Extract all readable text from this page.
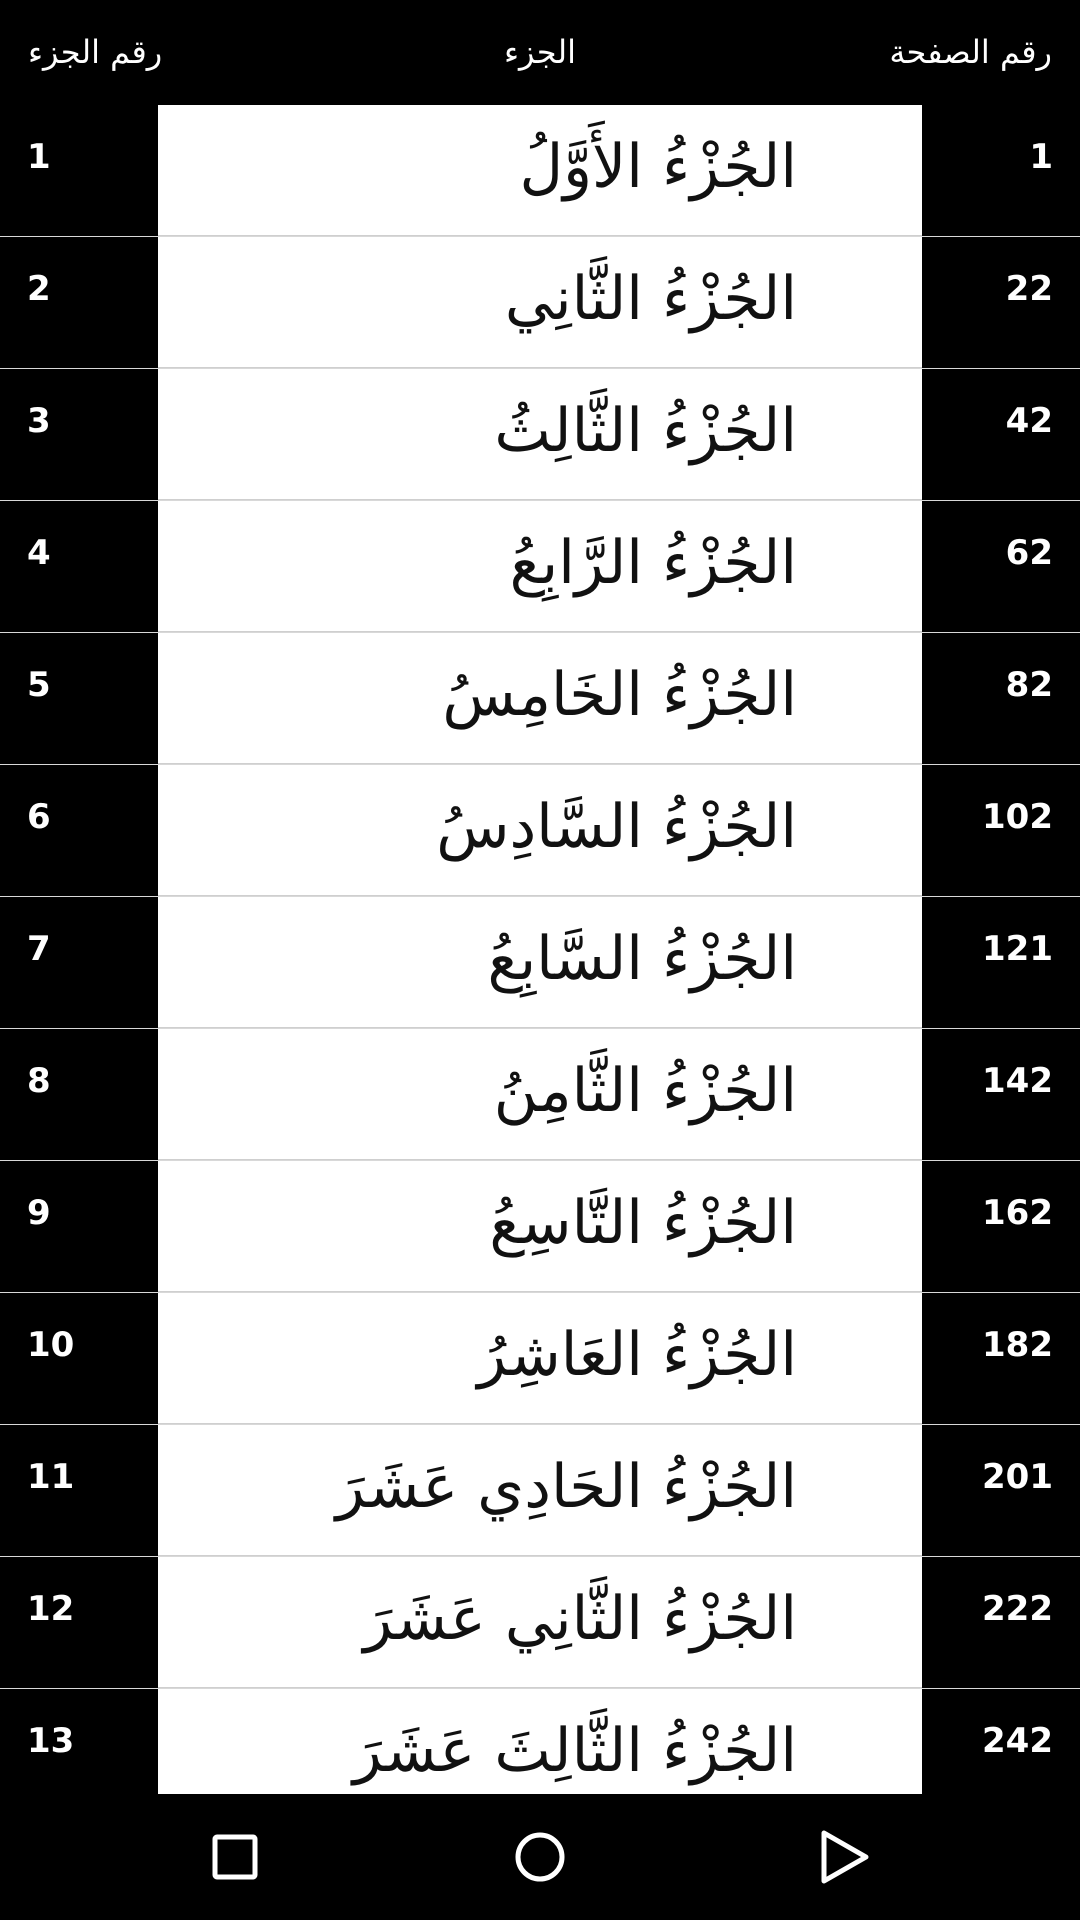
رقم الجزء	الجزء	رقم الصفحة
1	الجُزْءُ الأَوَّلُ	1
2	الجُزْءُ الثَّانِي	22
3	الجُزْءُ الثَّالِثُ	42
4	الجُزْءُ الرَّابِعُ	62
5	الجُزْءُ الخَامِسُ	82
6	الجُزْءُ السَّادِسُ	102
7	الجُزْءُ السَّابِعُ	121
8	الجُزْءُ الثَّامِنُ	142
9	الجُزْءُ التَّاسِعُ	162
10	الجُزْءُ العَاشِرُ	182
11	الجُزْءُ الحَادِي عَشَرَ	201
12	الجُزْءُ الثَّانِي عَشَرَ	222
13	الجُزْءُ الثَّالِثَ عَشَرَ	242
